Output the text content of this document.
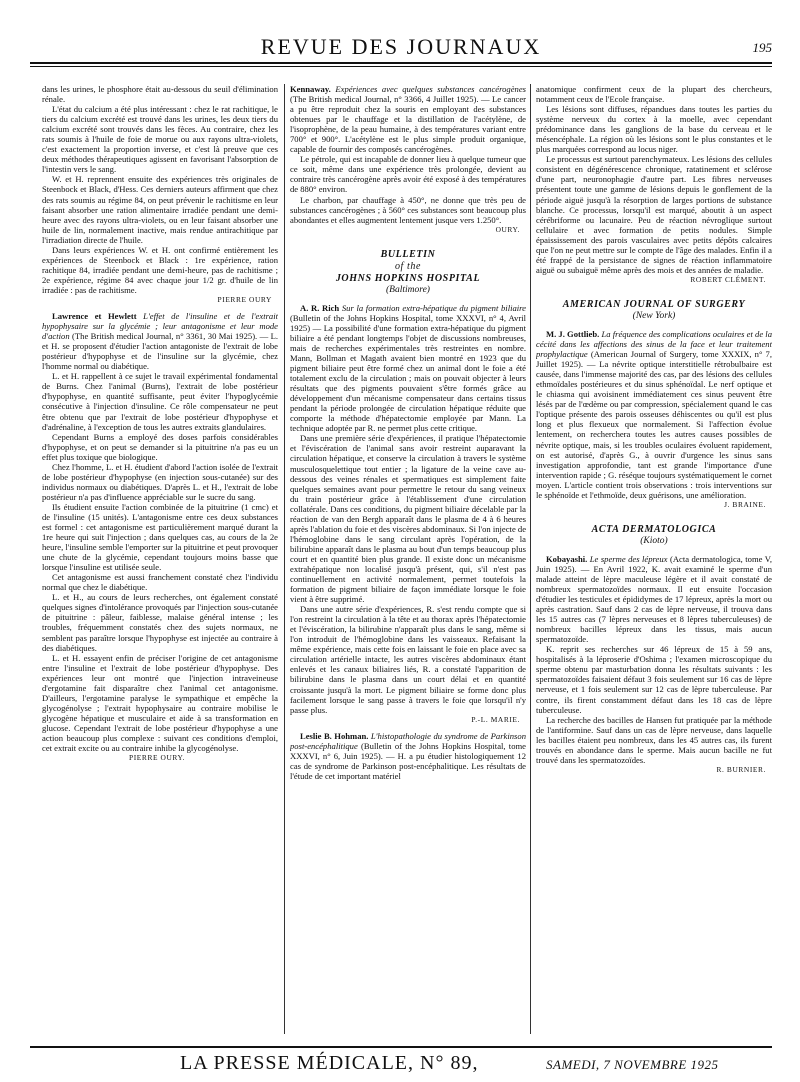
REVUE DES JOURNAUX	195

dans les urines, le phosphore était au-dessous du seuil d'élimination rénale.

L'état du calcium a été plus intéressant : chez le rat rachitique, le tiers du calcium excrété est trouvé dans les urines, les deux tiers du calcium excrété sont trouvés dans les fèces. Au contraire, chez les rats soumis à l'huile de foie de morue ou aux rayons ultra-violets, c'est exactement la proportion inverse, et c'est là preuve que ces deux méthodes thérapeutiques agissent en favorisant l'absorption de l'intestin vers le sang.

W. et H. reprennent ensuite des expériences très originales de Steenbock et Black, d'Hess. Ces derniers auteurs affirment que chez des rats soumis au régime 84, on peut prévenir le rachitisme en leur faisant absorber une ration alimentaire irradiée pendant une demi-heure avec des rayons ultra-violets, ou en leur faisant absorber une huile de lin, normalement inactive, mais rendue antirachitique par l'irradiation directe de l'huile.

Dans leurs expériences W. et H. ont confirmé entièrement les expériences de Steenbock et Black : 1re expérience, ration rachitique 84, irradiée pendant une demi-heure, pas de rachitisme ; 2e expérience, régime 84 avec chaque jour 1/2 gr. d'huile de lin irradiée : pas de rachitisme.

PIERRE OURY

Lawrence et Hewlett L'effet de l'insuline et de l'extrait hypophysaire sur la glycémie ; leur antagonisme et leur mode d'action (The British medical Journal, n° 3361, 30 Mai 1925). — L. et H. se proposent d'étudier l'action antagoniste de l'extrait de lobe postérieur d'hypophyse et de l'insuline sur la glycémie, chez l'homme normal ou diabétique.

L. et H. rappellent à ce sujet le travail expérimental fondamental de Burns. Chez l'animal (Burns), l'extrait de lobe postérieur d'hypophyse, en quantité suffisante, peut éviter l'hypoglycémie consécutive à l'injection d'insuline. Ce rôle compensateur ne peut être obtenu que par l'extrait de lobe postérieur d'hypophyse et d'adrénaline, à l'exception de tous les autres extraits glandulaires.

Cependant Burns a employé des doses parfois considérables d'hypophyse, et on peut se demander si la pituitrine n'a pas eu un effet plus toxique que biologique.

Chez l'homme, L. et H. étudient d'abord l'action isolée de l'extrait de lobe postérieur d'hypophyse (en injection sous-cutanée) sur des individus normaux ou diabétiques. D'après L. et H., l'extrait de lobe postérieur n'a pas d'influence appréciable sur le sucre du sang.

Ils étudient ensuite l'action combinée de la pituitrine (1 cmc) et de l'insuline (15 unités). L'antagonisme entre ces deux substances est formel : cet antagonisme est particulièrement marqué durant la 1re heure qui suit l'injection ; dans quelques cas, au cours de la 2e heure, l'insuline semble l'emporter sur la pituitrine et peut provoquer une chute de la glycémie, cependant toujours moins basse que lorsque l'insuline est utilisée seule.

Cet antagonisme est aussi franchement constaté chez l'individu normal que chez le diabétique.

L. et H., au cours de leurs recherches, ont également constaté quelques signes d'intolérance provoqués par l'injection sous-cutanée de pituitrine : pâleur, faiblesse, malaise général intense ; les troubles, fréquemment constatés chez des sujets normaux, ne semblent pas paraître lorsque l'hypophyse est injectée au contraire à des diabétiques.

L. et H. essayent enfin de préciser l'origine de cet antagonisme entre l'insuline et l'extrait de lobe postérieur d'hypophyse. Des expériences leur ont montré que l'injection intraveineuse d'ergotamine fait disparaître chez l'animal cet antagonisme. D'ailleurs, l'ergotamine paralyse le sympathique et empêche la glycogénolyse ; l'extrait hypophysaire au contraire mobilise le glycogène hépatique et musculaire et aide à sa transformation en glucose. Cependant l'extrait de lobe postérieur d'hypophyse a une action beaucoup plus complexe : suivant ces conditions d'emploi, cet extrait excite ou au contraire inhibe la glycogénolyse.

PIERRE OURY.

Kennaway. Expériences avec quelques substances cancérogènes (The British medical Journal, n° 3366, 4 Juillet 1925). — Le cancer a pu être reproduit chez la souris en employant des substances obtenues par le chauffage et la distillation de l'acétylène, de l'isoprophène, de la peau humaine, à des températures variant entre 700° et 900°. L'acétylène est le plus simple produit organique, capable de fournir des composés cancérogènes.

Le pétrole, qui est incapable de donner lieu à quelque tumeur que ce soit, même dans une expérience très prolongée, devient au contraire très cancérogène après avoir été exposé à des températures de 880° environ.

Le charbon, par chauffage à 450°, ne donne que très peu de substances cancérogènes ; à 560° ces substances sont beaucoup plus abondantes et elles augmentent lentement jusque vers 1.250°.

OURY.
BULLETIN
of the
JOHNS HOPKINS HOSPITAL
(Baltimore)

A. R. Rich Sur la formation extra-hépatique du pigment biliaire (Bulletin of the Johns Hopkins Hospital, tome XXXVI, n° 4, Avril 1925) — La possibilité d'une formation extra-hépatique du pigment biliaire a été pendant longtemps l'objet de discussions nombreuses, mais de recherches expérimentales très restreintes en nombre. Mann, Bollman et Magath avaient bien montré en 1923 que du pigment biliaire peut être formé chez un animal dont le foie a été totalement exclu de la circulation ; mais on pouvait objecter à leurs résultats que des pigments pouvaient s'être formés grâce au développement d'un mécanisme compensateur dans certains tissus pendant la période prolongée de circulation hépatique réduite que comporte la méthode d'hépatectomie employée par Mann. La technique adoptée par R. ne permet plus cette critique.

Dans une première série d'expériences, il pratique l'hépatectomie et l'éviscération de l'animal sans avoir restreint auparavant la circulation hépatique, et conserve la circulation à travers le système musculosquelettique tout entier ; la ligature de la veine cave au-dessous des veines rénales et spermatiques est simplement faite quelques semaines avant pour permettre le retour du sang veineux du train postérieur grâce à l'établissement d'une circulation collatérale. Dans ces conditions, du pigment biliaire décelable par la réaction de van den Bergh apparaît dans le plasma de 4 à 6 heures après l'ablation du foie et des viscères abdominaux. Si l'on injecte de l'hémoglobine dans le sang circulant après l'opération, de la bilirubine apparaît dans le plasma au bout d'un temps beaucoup plus court et en quantité bien plus grande. Il existe donc un mécanisme extrahépatique non localisé jusqu'à présent, qui, s'il n'est pas continuellement en activité normalement, permet toutefois la formation de pigment biliaire de façon immédiate lorsque le foie vient à être supprimé.

Dans une autre série d'expériences, R. s'est rendu compte que si l'on restreint la circulation à la tête et au thorax après l'hépatectomie et l'éviscération, la bilirubine n'apparaît plus dans le sang, même si l'on introduit de l'hémoglobine dans les vaisseaux. Refaisant la même expérience, mais cette fois en laissant le foie en place avec sa circulation artérielle intacte, les autres viscères abdominaux étant enlevés et les canaux biliaires liés, R. a constaté l'apparition de bilirubine dans le plasma dans un court délai et en quantité croissante jusqu'à la mort. Le pigment biliaire se forme donc plus facilement lorsque le sang passe à travers le foie que lorsqu'il n'y passe plus.

P.-L. MARIE.

Leslie B. Hohman. L'histopathologie du syndrome de Parkinson post-encéphalitique (Bulletin of the Johns Hopkins Hospital, tome XXXVI, n° 6, Juin 1925). — H. a pu étudier histologiquement 12 cas de syndrome de Parkinson post-encéphalitique. Les résultats de l'étude de cet important matériel

anatomique confirment ceux de la plupart des chercheurs, notamment ceux de l'Ecole française.

Les lésions sont diffuses, répandues dans toutes les parties du système nerveux du cortex à la moelle, avec cependant prédominance dans les ganglions de la base du cerveau et le mésencéphale. La région où les lésions sont le plus constantes et le plus marquées correspond au locus niger.

Le processus est surtout parenchymateux. Les lésions des cellules consistent en dégénérescence chronique, ratatinement et sclérose d'une part, neuronophagie d'autre part. Les fibres nerveuses présentent toute une gamme de lésions depuis le gonflement de la période aiguë jusqu'à la résorption de larges portions de substance blanche. Ce processus, lorsqu'il est marqué, aboutit à un aspect cérébriforme ou lacunaire. Peu de réaction névroglique surtout cellulaire et avec formation de petits nodules. Simple épaississement des parois vasculaires avec petits dépôts calcaires que l'on ne peut mettre sur le compte de l'âge des malades. Enfin il a été frappé de la persistance de signes de réaction inflammatoire aiguë ou subaiguë même après des mois et des années de maladie.

ROBERT CLÉMENT.
AMERICAN JOURNAL OF SURGERY
(New York)

M. J. Gottlieb. La fréquence des complications oculaires et de la cécité dans les affections des sinus de la face et leur traitement prophylactique (American Journal of Surgery, tome XXXIX, n° 7, Juillet 1925). — La névrite optique interstitielle rétrobulbaire est causée, dans l'immense majorité des cas, par des lésions des cellules ethmoïdales postérieures et du sinus sphénoïdal. Le nerf optique et le chiasma qui avoisinent immédiatement ces sinus peuvent être lésés par de l'œdème ou par compression, spécialement quand le cas l'optique présente des parois osseuses déhiscentes ou qu'il est plus long et plus flexueux que normalement. Si l'affection évolue lentement, on rechercherа toutes les autres causes possibles de névrite optique, mais, si les troubles oculaires évoluent rapidement, on est autorisé, d'après G., à ouvrir d'urgence les sinus sans investigation approfondie, tant est grande l'importance d'une intervention rapide ; G. réséque toujours systématiquement le cornet moyen. L'article contient trois observations : trois interventions sur le sphénoïde et l'ethmoïde, deux guérisons, une amélioration.

J. BRAINE.
ACTA DERMATOLOGICA
(Kioto)

Kobayashi. Le sperme des lépreux (Acta dermatologica, tome V, Juin 1925). — En Avril 1922, K. avait examiné le sperme d'un malade atteint de lèpre maculeuse légère et il avait constaté de nombreux spermatozoïdes normaux. Il eut ensuite l'occasion d'étudier les testicules et épididymes de 17 lépreux, après la mort ou après castration. Sauf dans 2 cas de lèpre nerveuse, il trouva dans les 15 autres cas (7 lèpres nerveuses et 8 lèpres tuberculeuses) de nombreux bacilles lépreux dans les tissus, mais aucun spermatozoïde.

K. reprit ses recherches sur 46 lépreux de 15 à 59 ans, hospitalisés à la léproserie d'Oshima ; l'examen microscopique du sperme obtenu par masturbation donna les résultats suivants : les spermatozoïdes faisaient défaut 3 fois seulement sur 16 cas de lèpre nerveuse, et 1 fois seulement sur 12 cas de lèpre tuberculeuse. Par contre, ils firent constamment défaut dans les 18 cas de lèpre tuberculeuse.

La recherche des bacilles de Hansen fut pratiquée par la méthode de l'antiformine. Sauf dans un cas de lèpre nerveuse, dans laquelle les bacilles étaient peu nombreux, dans les 45 autres cas, ils furent trouvés en abondance dans le sperme. Mais aucun bacille ne fut trouvé dans les spermatozoïdes.

R. BURNIER.
LA PRESSE MÉDICALE, N° 89,	SAMEDI, 7 NOVEMBRE 1925
